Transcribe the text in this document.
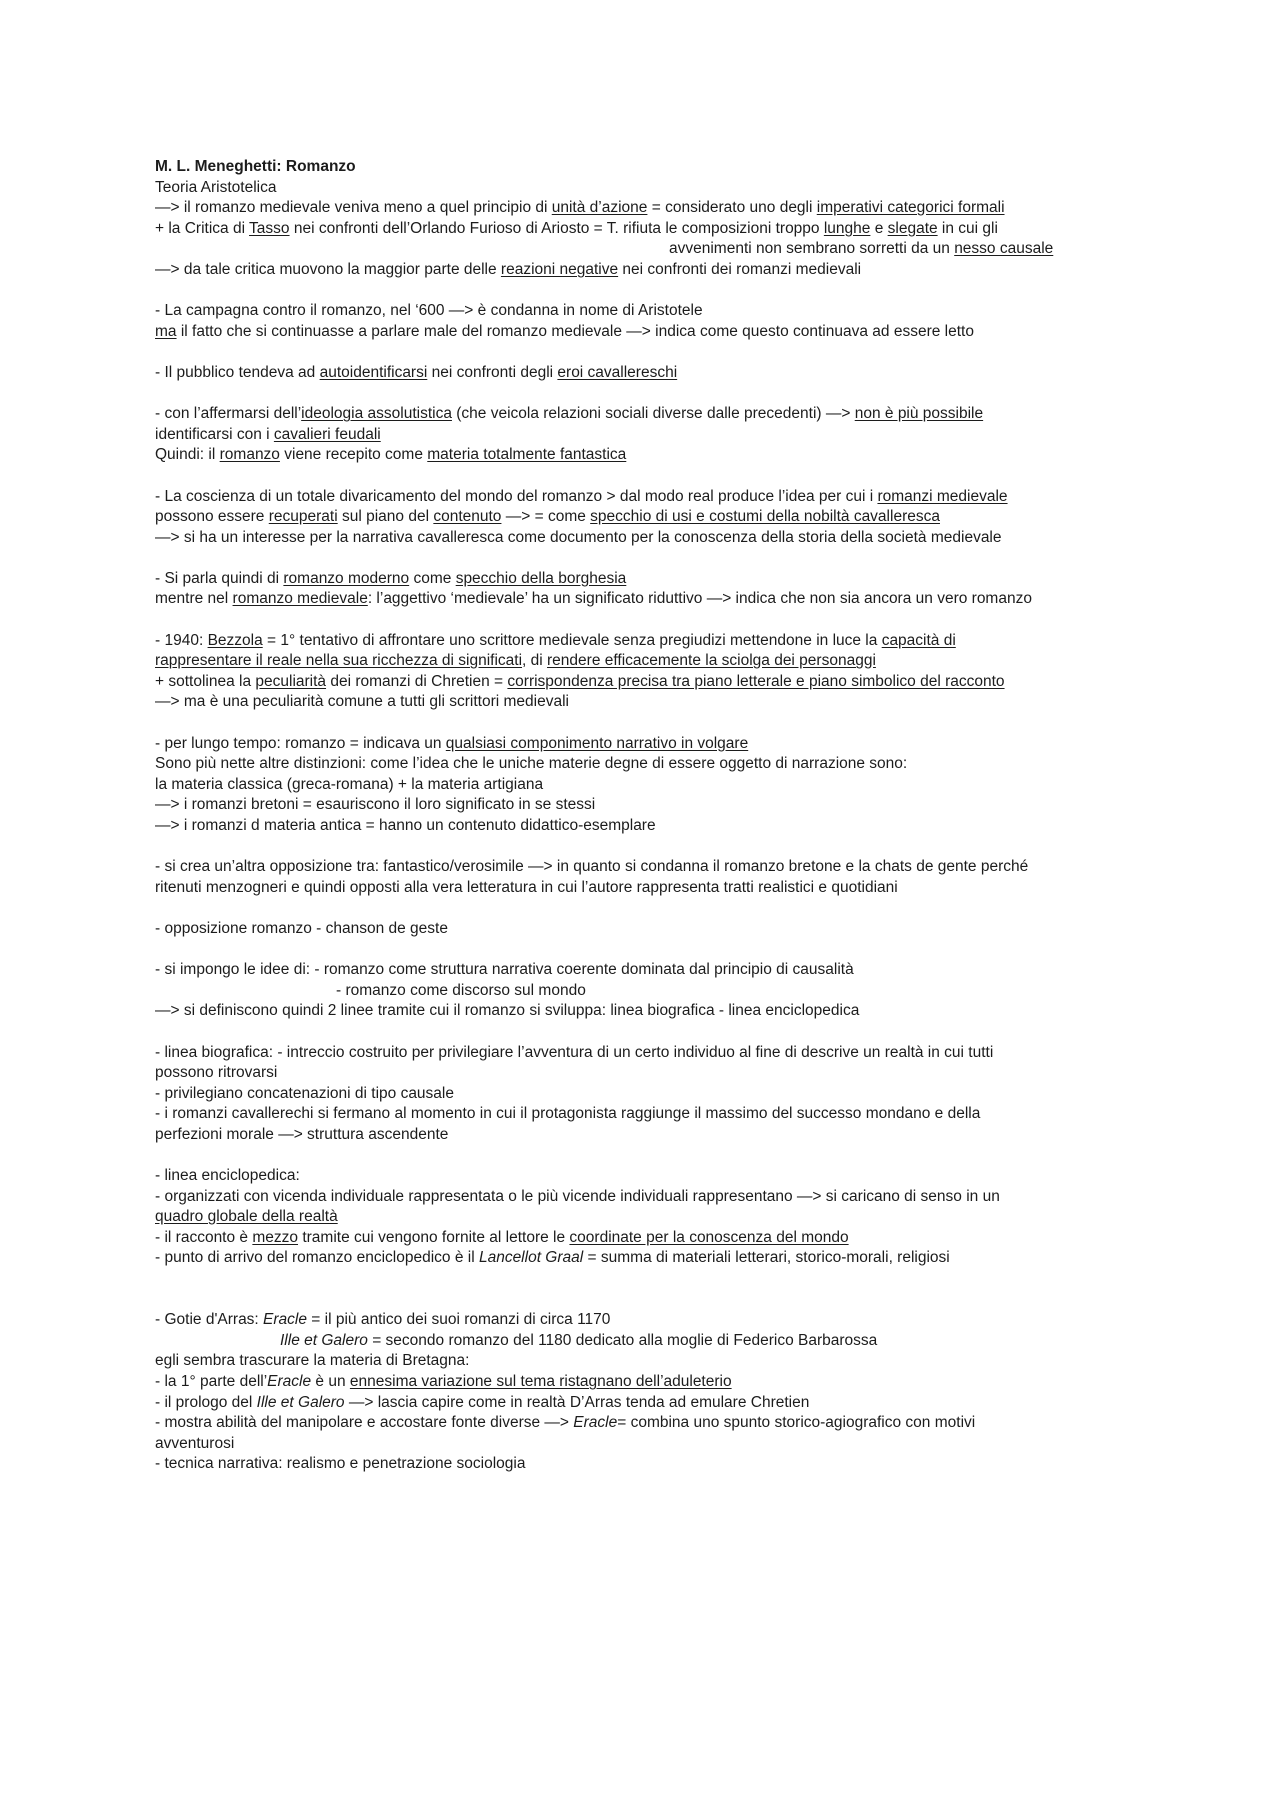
M. L. Meneghetti: Romanzo
Teoria Aristotelica
—> il romanzo medievale veniva meno a quel principio di unità d’azione = considerato uno degli imperativi categorici formali
+ la Critica di Tasso nei confronti dell’Orlando Furioso di Ariosto = T. rifiuta le composizioni troppo lunghe e slegate in cui gli
avvenimenti non sembrano sorretti da un nesso causale
—> da tale critica muovono la maggior parte delle reazioni negative nei confronti dei romanzi medievali
- La campagna contro il romanzo, nel ‘600 —> è condanna in nome di Aristotele
ma il fatto che si continuasse a parlare male del romanzo medievale —> indica come questo continuava ad essere letto
- Il pubblico tendeva ad autoidentificarsi nei confronti degli eroi cavallereschi
- con l’affermarsi dell’ideologia assolutistica (che veicola relazioni sociali diverse dalle precedenti) —> non è più possibile
identificarsi con i cavalieri feudali
Quindi: il romanzo viene recepito come materia totalmente fantastica
- La coscienza di un totale divaricamento del mondo del romanzo > dal modo real produce l’idea per cui i romanzi medievale
possono essere recuperati sul piano del contenuto —> = come specchio di usi e costumi della nobiltà cavalleresca
—> si ha un interesse per la narrativa cavalleresca come documento per la conoscenza della storia della società medievale
- Si parla quindi di romanzo moderno come specchio della borghesia
mentre nel romanzo medievale: l’aggettivo ‘medievale’ ha un significato riduttivo —> indica che non sia ancora un vero romanzo
- 1940: Bezzola = 1° tentativo di affrontare uno scrittore medievale senza pregiudizi mettendone in luce la capacità di
rappresentare il reale nella sua ricchezza di significati, di rendere efficacemente la sciolga dei personaggi
+ sottolinea la peculiarità dei romanzi di Chretien = corrispondenza precisa tra piano letterale e piano simbolico del racconto
—> ma è una peculiarità comune a tutti gli scrittori medievali
- per lungo tempo: romanzo = indicava un qualsiasi componimento narrativo in volgare
Sono più nette altre distinzioni: come l’idea che le uniche materie degne di essere oggetto di narrazione sono:
la materia classica (greca-romana) + la materia artigiana
—> i romanzi bretoni = esauriscono il loro significato in se stessi
—> i romanzi d materia antica = hanno un contenuto didattico-esemplare
- si crea un’altra opposizione tra: fantastico/verosimile —> in quanto si condanna il romanzo bretone e la chats de gente perché
ritenuti menzogneri e quindi opposti alla vera letteratura in cui l’autore rappresenta tratti realistici e quotidiani
- opposizione romanzo - chanson de geste
- si impongo le idee di: - romanzo come struttura narrativa coerente dominata dal principio di causalità
- romanzo come discorso sul mondo
—> si definiscono quindi 2 linee tramite cui il romanzo si sviluppa: linea biografica - linea enciclopedica
- linea biografica: - intreccio costruito per privilegiare l’avventura di un certo individuo al fine di descrive un realtà in cui tutti
possono ritrovarsi
- privilegiano concatenazioni di tipo causale
- i romanzi cavallerechi si fermano al momento in cui il protagonista raggiunge il massimo del successo mondano e della
perfezioni morale —> struttura ascendente
- linea enciclopedica:
- organizzati con vicenda individuale rappresentata o le più vicende individuali rappresentano —> si caricano di senso in un
quadro globale della realtà
- il racconto è mezzo tramite cui vengono fornite al lettore le coordinate per la conoscenza del mondo
- punto di arrivo del romanzo enciclopedico è il Lancellot Graal = summa di materiali letterari, storico-morali, religiosi
- Gotie d'Arras: Eracle = il più antico dei suoi romanzi di circa 1170
Ille et Galero = secondo romanzo del 1180 dedicato alla moglie di Federico Barbarossa
egli sembra trascurare la materia di Bretagna:
- la 1° parte dell’Eracle è un ennesima variazione sul tema ristagnano dell’aduleterio
- il prologo del Ille et Galero —> lascia capire come in realtà D’Arras tenda ad emulare Chretien
- mostra abilità del manipolare e accostare fonte diverse —> Eracle= combina uno spunto storico-agiografico con motivi
avventurosi
- tecnica narrativa: realismo e penetrazione sociologia
